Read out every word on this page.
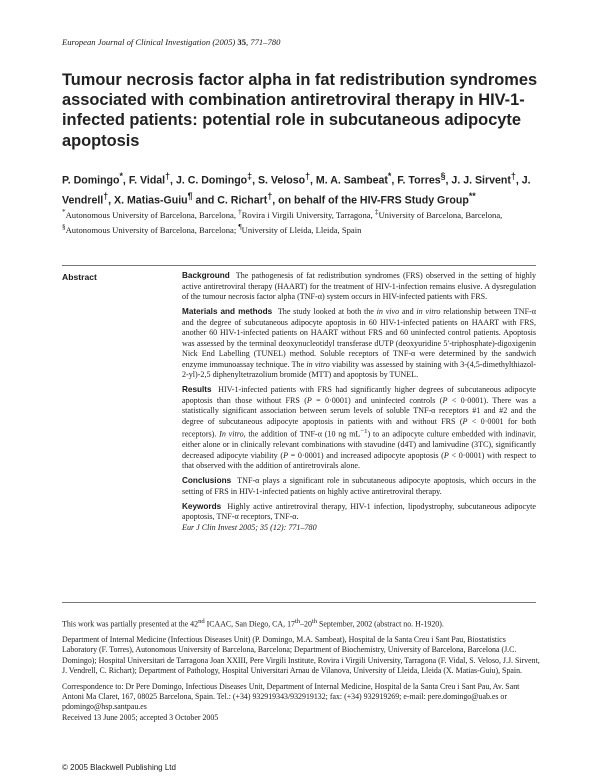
European Journal of Clinical Investigation (2005) 35, 771–780
Tumour necrosis factor alpha in fat redistribution syndromes associated with combination antiretroviral therapy in HIV-1-infected patients: potential role in subcutaneous adipocyte apoptosis
P. Domingo*, F. Vidal†, J. C. Domingo‡, S. Veloso†, M. A. Sambeat*, F. Torres§, J. J. Sirvent†, J. Vendrell†, X. Matias-Guiu¶ and C. Richart†, on behalf of the HIV-FRS Study Group**
*Autonomous University of Barcelona, Barcelona, †Rovira i Virgili University, Tarragona, ‡University of Barcelona, Barcelona, §Autonomous University of Barcelona, Barcelona; ¶University of Lleida, Lleida, Spain
Abstract	Background The pathogenesis of fat redistribution syndromes (FRS) observed in the setting of highly active antiretroviral therapy (HAART) for the treatment of HIV-1-infection remains elusive. A dysregulation of the tumour necrosis factor alpha (TNF-α) system occurs in HIV-infected patients with FRS.

Materials and methods The study looked at both the in vivo and in vitro relationship between TNF-α and the degree of subcutaneous adipocyte apoptosis in 60 HIV-1-infected patients on HAART with FRS, another 60 HIV-1-infected patients on HAART without FRS and 60 uninfected control patients. Apoptosis was assessed by the terminal deoxynucleotidyl transferase dUTP (deoxyuridine 5′-triphosphate)-digoxigenin Nick End Labelling (TUNEL) method. Soluble receptors of TNF-α were determined by the sandwich enzyme immunoassay technique. The in vitro viability was assessed by staining with 3-(4,5-dimethylthiazol-2-yl)-2,5 diphenyltetrazolium bromide (MTT) and apoptosis by TUNEL.

Results HIV-1-infected patients with FRS had significantly higher degrees of subcutaneous adipocyte apoptosis than those without FRS (P = 0·0001) and uninfected controls (P < 0·0001). There was a statistically significant association between serum levels of soluble TNF-α receptors #1 and #2 and the degree of subcutaneous adipocyte apoptosis in patients with and without FRS (P < 0·0001 for both receptors). In vitro, the addition of TNF-α (10 ng $mL^{-1}$) to an adipocyte culture embedded with indinavir, either alone or in clinically relevant combinations with stavudine (d4T) and lamivudine (3TC), significantly decreased adipocyte viability (P = 0·0001) and increased adipocyte apoptosis (P < 0·0001) with respect to that observed with the addition of antiretrovirals alone.

Conclusions TNF-α plays a significant role in subcutaneous adipocyte apoptosis, which occurs in the setting of FRS in HIV-1-infected patients on highly active antiretroviral therapy.

Keywords Highly active antiretroviral therapy, HIV-1 infection, lipodystrophy, subcutaneous adipocyte apoptosis, TNF-α receptors, TNF-α.

Eur J Clin Invest 2005; 35 (12): 771–780

This work was partially presented at the 42nd ICAAC, San Diego, CA, 17th–20th September, 2002 (abstract no. H-1920).

Department of Internal Medicine (Infectious Diseases Unit) (P. Domingo, M.A. Sambeat), Hospital de la Santa Creu i Sant Pau, Biostatistics Laboratory (F. Torres), Autonomous University of Barcelona, Barcelona; Department of Biochemistry, University of Barcelona, Barcelona (J.C. Domingo); Hospital Universitari de Tarragona Joan XXIII, Pere Virgili Institute, Rovira i Virgili University, Tarragona (F. Vidal, S. Veloso, J.J. Sirvent, J. Vendrell, C. Richart); Department of Pathology, Hospital Universitari Arnau de Vilanova, University of Lleida, Lleida (X. Matias-Guiu), Spain.

Correspondence to: Dr Pere Domingo, Infectious Diseases Unit, Department of Internal Medicine, Hospital de la Santa Creu i Sant Pau, Av. Sant Antoni Ma Claret, 167, 08025 Barcelona, Spain. Tel.: (+34) 932919343/932919132; fax: (+34) 932919269; e-mail: pere.domingo@uab.es or pdomingo@hsp.santpau.es

Received 13 June 2005; accepted 3 October 2005

© 2005 Blackwell Publishing Ltd
